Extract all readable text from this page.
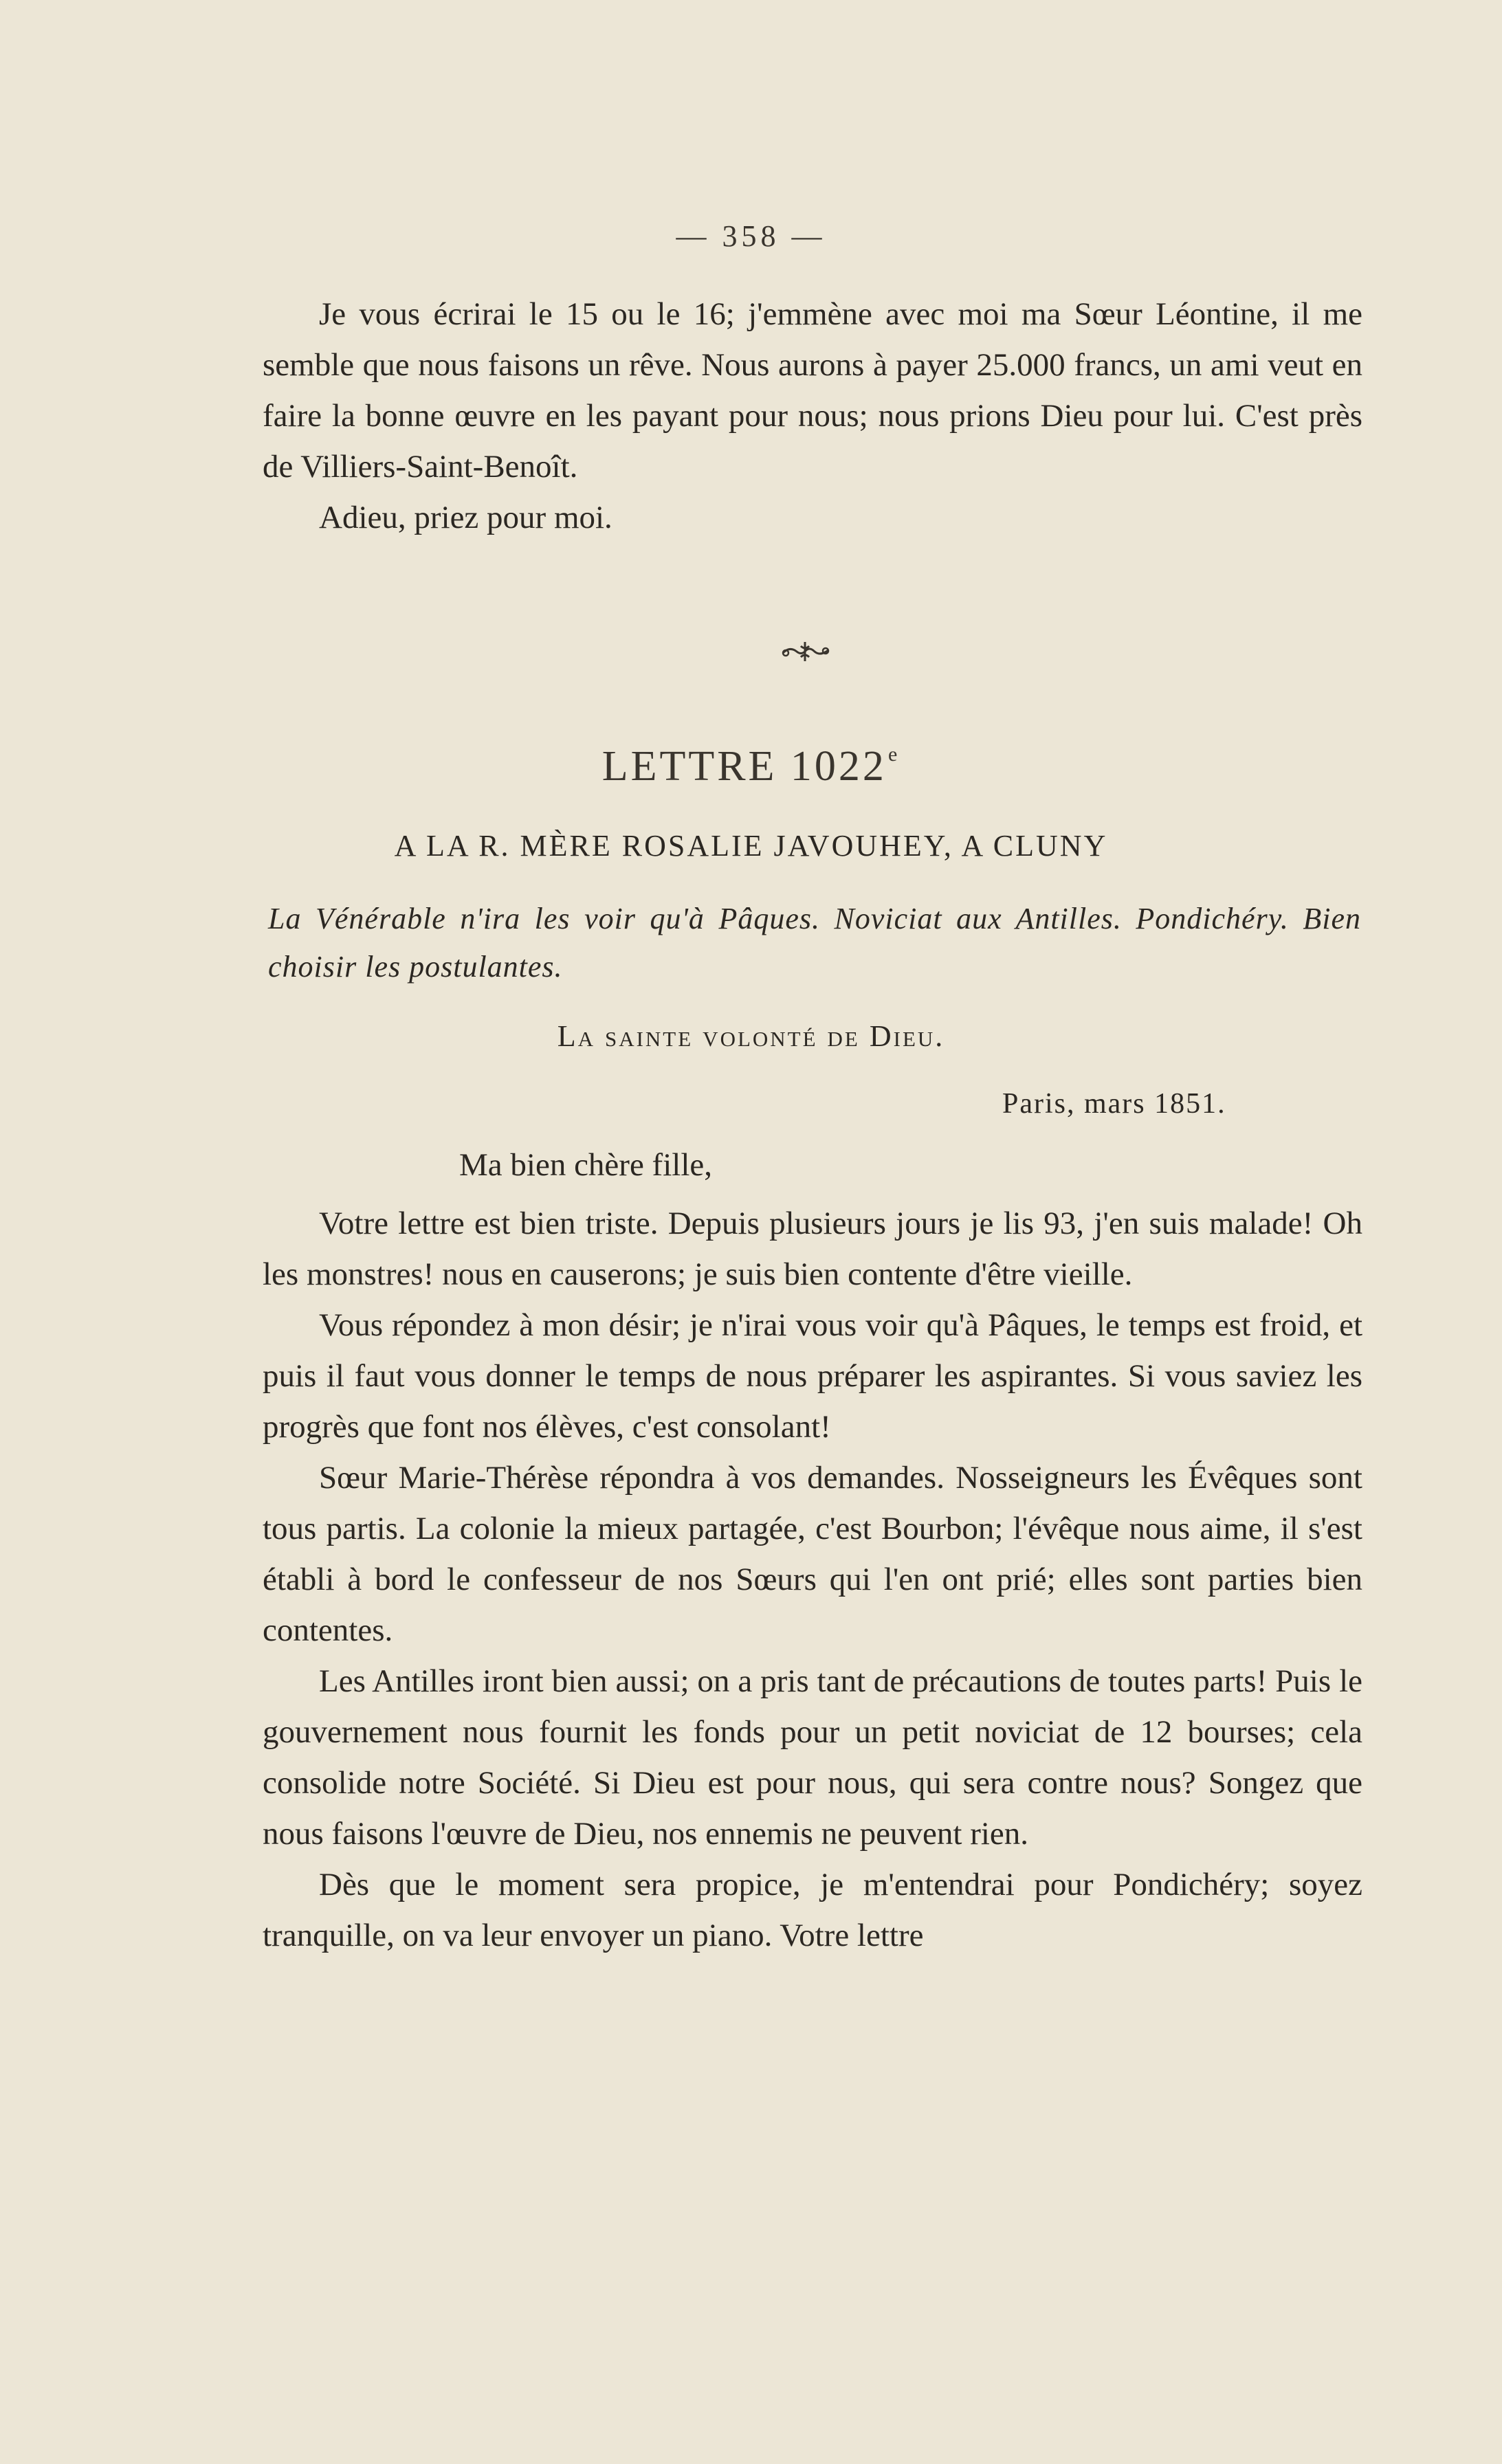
— 358 —

Je vous écrirai le 15 ou le 16; j'emmène avec moi ma Sœur Léontine, il me semble que nous faisons un rêve. Nous aurons à payer 25.000 francs, un ami veut en faire la bonne œuvre en les payant pour nous; nous prions Dieu pour lui. C'est près de Villiers-Saint-Benoît.

Adieu, priez pour moi.

LETTRE 1022e
A LA R. MÈRE ROSALIE JAVOUHEY, A CLUNY
La Vénérable n'ira les voir qu'à Pâques. Noviciat aux Antilles. Pondichéry. Bien choisir les postulantes.
La sainte volonté de Dieu.
Paris, mars 1851.
Ma bien chère fille,

Votre lettre est bien triste. Depuis plusieurs jours je lis 93, j'en suis malade! Oh les monstres! nous en causerons; je suis bien contente d'être vieille.

Vous répondez à mon désir; je n'irai vous voir qu'à Pâques, le temps est froid, et puis il faut vous donner le temps de nous préparer les aspirantes. Si vous saviez les progrès que font nos élèves, c'est consolant!

Sœur Marie-Thérèse répondra à vos demandes. Nosseigneurs les Évêques sont tous partis. La colonie la mieux partagée, c'est Bourbon; l'évêque nous aime, il s'est établi à bord le confesseur de nos Sœurs qui l'en ont prié; elles sont parties bien contentes.

Les Antilles iront bien aussi; on a pris tant de précautions de toutes parts! Puis le gouvernement nous fournit les fonds pour un petit noviciat de 12 bourses; cela consolide notre Société. Si Dieu est pour nous, qui sera contre nous? Songez que nous faisons l'œuvre de Dieu, nos ennemis ne peuvent rien.

Dès que le moment sera propice, je m'entendrai pour Pondichéry; soyez tranquille, on va leur envoyer un piano. Votre lettre
